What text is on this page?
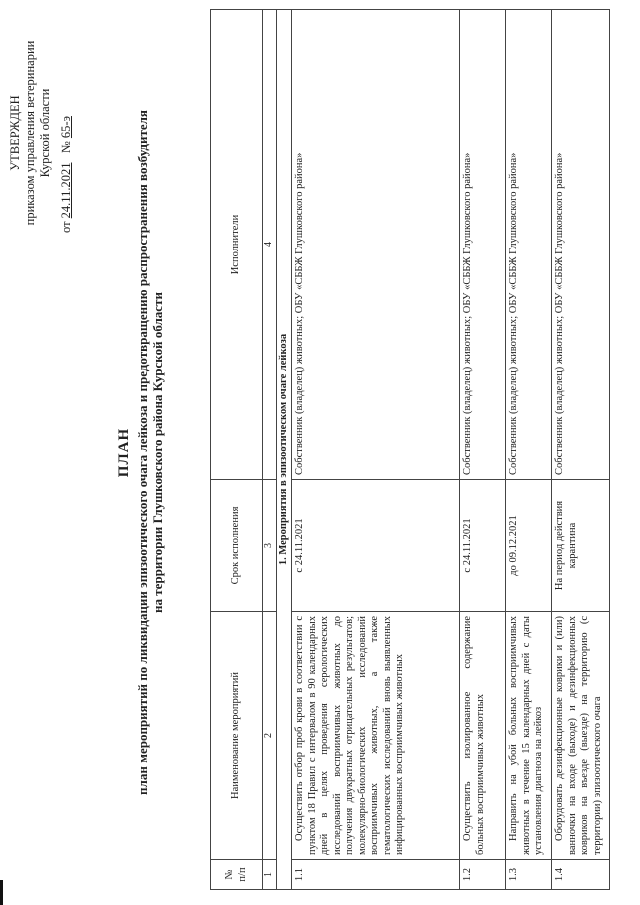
УТВЕРЖДЕН приказом управления ветеринарии Курской области
от 24.11.2021   № 65-э
ПЛАН план мероприятий по ликвидации эпизоотического очага лейкоза и предотвращению распространения возбудителя на территории Глушковского района Курской области
№ п/п	Наименование мероприятий	Срок исполнения	Исполнители
1	2	3	4
1. Мероприятия в эпизоотическом очаге лейкоза			
1.1	Осуществить отбор проб крови в соответствии с пунктом 18 Правил с интервалом в 90 календарных дней в целях проведения серологических исследований восприимчивых животных до получения двукратных отрицательных результатов; молекулярно-биологических исследований восприимчивых животных, а также гематологических исследований вновь выявленных инфицированных восприимчивых животных	с 24.11.2021	Собственник (владелец) животных; ОБУ «СББЖ Глушковского района»
1.2	Осуществить изолированное содержание больных восприимчивых животных	с 24.11.2021	Собственник (владелец) животных; ОБУ «СББЖ Глушковского района»
1.3	Направить на убой больных восприимчивых животных в течение 15 календарных дней с даты установления диагноза на лейкоз	до 09.12.2021	Собственник (владелец) животных; ОБУ «СББЖ Глушковского района»
1.4	Оборудовать дезинфекционные коврики и (или) ванночки на входе (выходе) и дезинфекционных ковриков на въезде (выезде) на территорию (с территории) эпизоотического очага	На период действия карантина	Собственник (владелец) животных; ОБУ «СББЖ Глушковского района»
